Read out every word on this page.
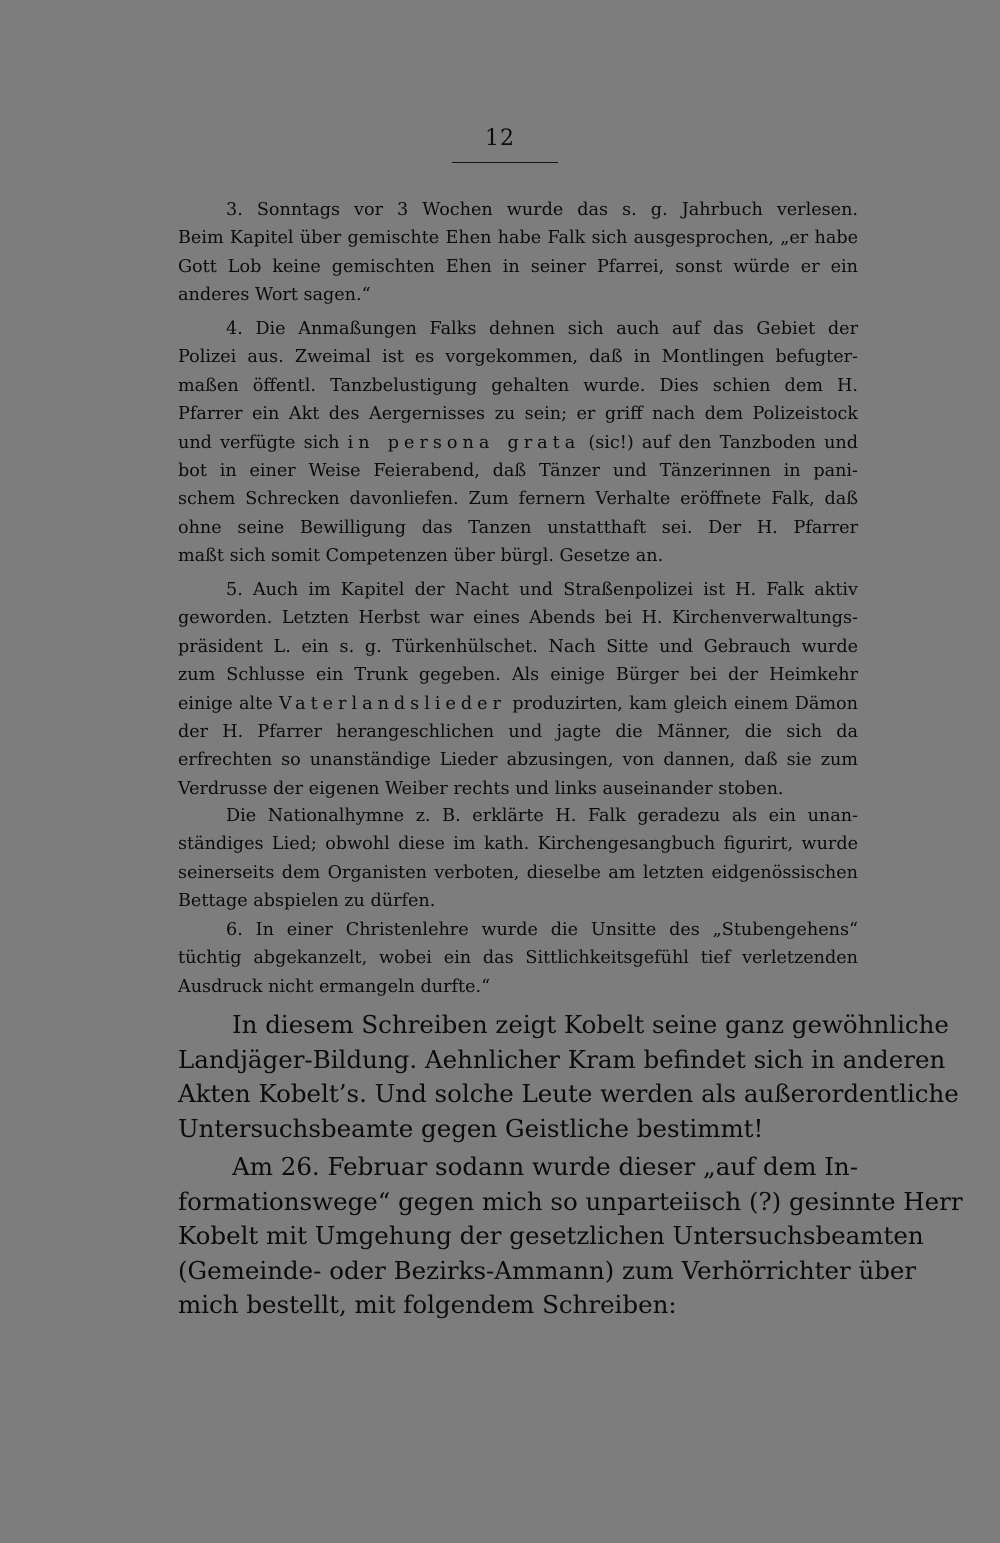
12
3. Sonntags vor 3 Wochen wurde das s. g. Jahrbuch verlesen.
Beim Kapitel über gemischte Ehen habe Falk sich ausgesprochen, „er habe
Gott Lob keine gemischten Ehen in seiner Pfarrei, sonst würde er ein
anderes Wort sagen.“
4. Die Anmaßungen Falks dehnen sich auch auf das Gebiet der
Polizei aus. Zweimal ist es vorgekommen, daß in Montlingen befugter-
maßen öffentl. Tanzbelustigung gehalten wurde. Dies schien dem H.
Pfarrer ein Akt des Aergernisses zu sein; er griff nach dem Polizeistock
und verfügte sich in persona grata (sic!) auf den Tanzboden und
bot in einer Weise Feierabend, daß Tänzer und Tänzerinnen in pani-
schem Schrecken davonliefen. Zum fernern Verhalte eröffnete Falk, daß
ohne seine Bewilligung das Tanzen unstatthaft sei. Der H. Pfarrer
maßt sich somit Competenzen über bürgl. Gesetze an.
5. Auch im Kapitel der Nacht und Straßenpolizei ist H. Falk aktiv
geworden. Letzten Herbst war eines Abends bei H. Kirchenverwaltungs-
präsident L. ein s. g. Türkenhülschet. Nach Sitte und Gebrauch wurde
zum Schlusse ein Trunk gegeben. Als einige Bürger bei der Heimkehr
einige alte Vaterlandslieder produzirten, kam gleich einem Dämon
der H. Pfarrer herangeschlichen und jagte die Männer, die sich da
erfrechten so unanständige Lieder abzusingen, von dannen, daß sie zum
Verdrusse der eigenen Weiber rechts und links auseinander stoben.
Die Nationalhymne z. B. erklärte H. Falk geradezu als ein unan-
ständiges Lied; obwohl diese im kath. Kirchengesangbuch figurirt, wurde
seinerseits dem Organisten verboten, dieselbe am letzten eidgenössischen
Bettage abspielen zu dürfen.
6. In einer Christenlehre wurde die Unsitte des „Stubengehens“
tüchtig abgekanzelt, wobei ein das Sittlichkeitsgefühl tief verletzenden
Ausdruck nicht ermangeln durfte.“
In diesem Schreiben zeigt Kobelt seine ganz gewöhnliche
Landjäger-Bildung. Aehnlicher Kram befindet sich in anderen
Akten Kobelt’s. Und solche Leute werden als außerordentliche
Untersuchsbeamte gegen Geistliche bestimmt!
Am 26. Februar sodann wurde dieser „auf dem In-
formationswege“ gegen mich so unparteiisch (?) gesinnte Herr
Kobelt mit Umgehung der gesetzlichen Untersuchsbeamten
(Gemeinde- oder Bezirks-Ammann) zum Verhörrichter über
mich bestellt, mit folgendem Schreiben:
